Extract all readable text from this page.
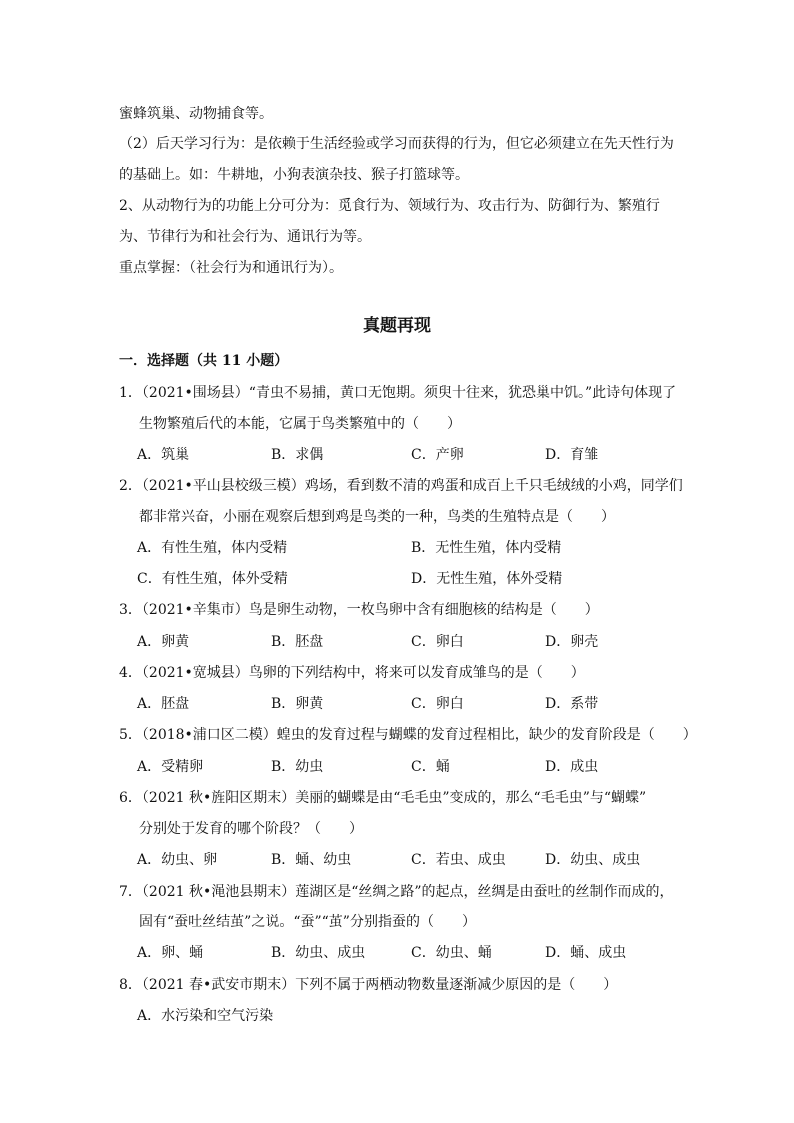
蜜蜂筑巢、动物捕食等。
（2）后天学习行为：是依赖于生活经验或学习而获得的行为，但它必须建立在先天性行为
的基础上。如：牛耕地，小狗表演杂技、猴子打篮球等。
2、从动物行为的功能上分可分为：觅食行为、领域行为、攻击行为、防御行为、繁殖行
为、节律行为和社会行为、通讯行为等。
重点掌握：（社会行为和通讯行为）。
真题再现
一．选择题（共 11 小题）
1．（2021•围场县）“青虫不易捕，黄口无饱期。须臾十往来，犹恐巢中饥。”此诗句体现了
生物繁殖后代的本能，它属于鸟类繁殖中的（　　）
A．筑巢	B．求偶	C．产卵	D．育雏
2．（2021•平山县校级三模）鸡场，看到数不清的鸡蛋和成百上千只毛绒绒的小鸡，同学们
都非常兴奋，小丽在观察后想到鸡是鸟类的一种，鸟类的生殖特点是（　　）
A．有性生殖，体内受精	B．无性生殖，体内受精
C．有性生殖，体外受精	D．无性生殖，体外受精
3．（2021•辛集市）鸟是卵生动物，一枚鸟卵中含有细胞核的结构是（　　）
A．卵黄	B．胚盘	C．卵白	D．卵壳
4．（2021•宽城县）鸟卵的下列结构中，将来可以发育成雏鸟的是（　　）
A．胚盘	B．卵黄	C．卵白	D．系带
5．（2018•浦口区二模）蝗虫的发育过程与蝴蝶的发育过程相比，缺少的发育阶段是（　　）
A．受精卵	B．幼虫	C．蛹	D．成虫
6．（2021 秋•旌阳区期末）美丽的蝴蝶是由“毛毛虫”变成的，那么“毛毛虫”与“蝴蝶”
分别处于发育的哪个阶段？（　　）
A．幼虫、卵	B．蛹、幼虫	C．若虫、成虫	D．幼虫、成虫
7．（2021 秋•渑池县期末）莲湖区是“丝绸之路”的起点，丝绸是由蚕吐的丝制作而成的，
固有“蚕吐丝结茧”之说。“蚕”“茧”分别指蚕的（　　）
A．卵、蛹	B．幼虫、成虫	C．幼虫、蛹	D．蛹、成虫
8．（2021 春•武安市期末）下列不属于两栖动物数量逐渐减少原因的是（　　）
A．水污染和空气污染
